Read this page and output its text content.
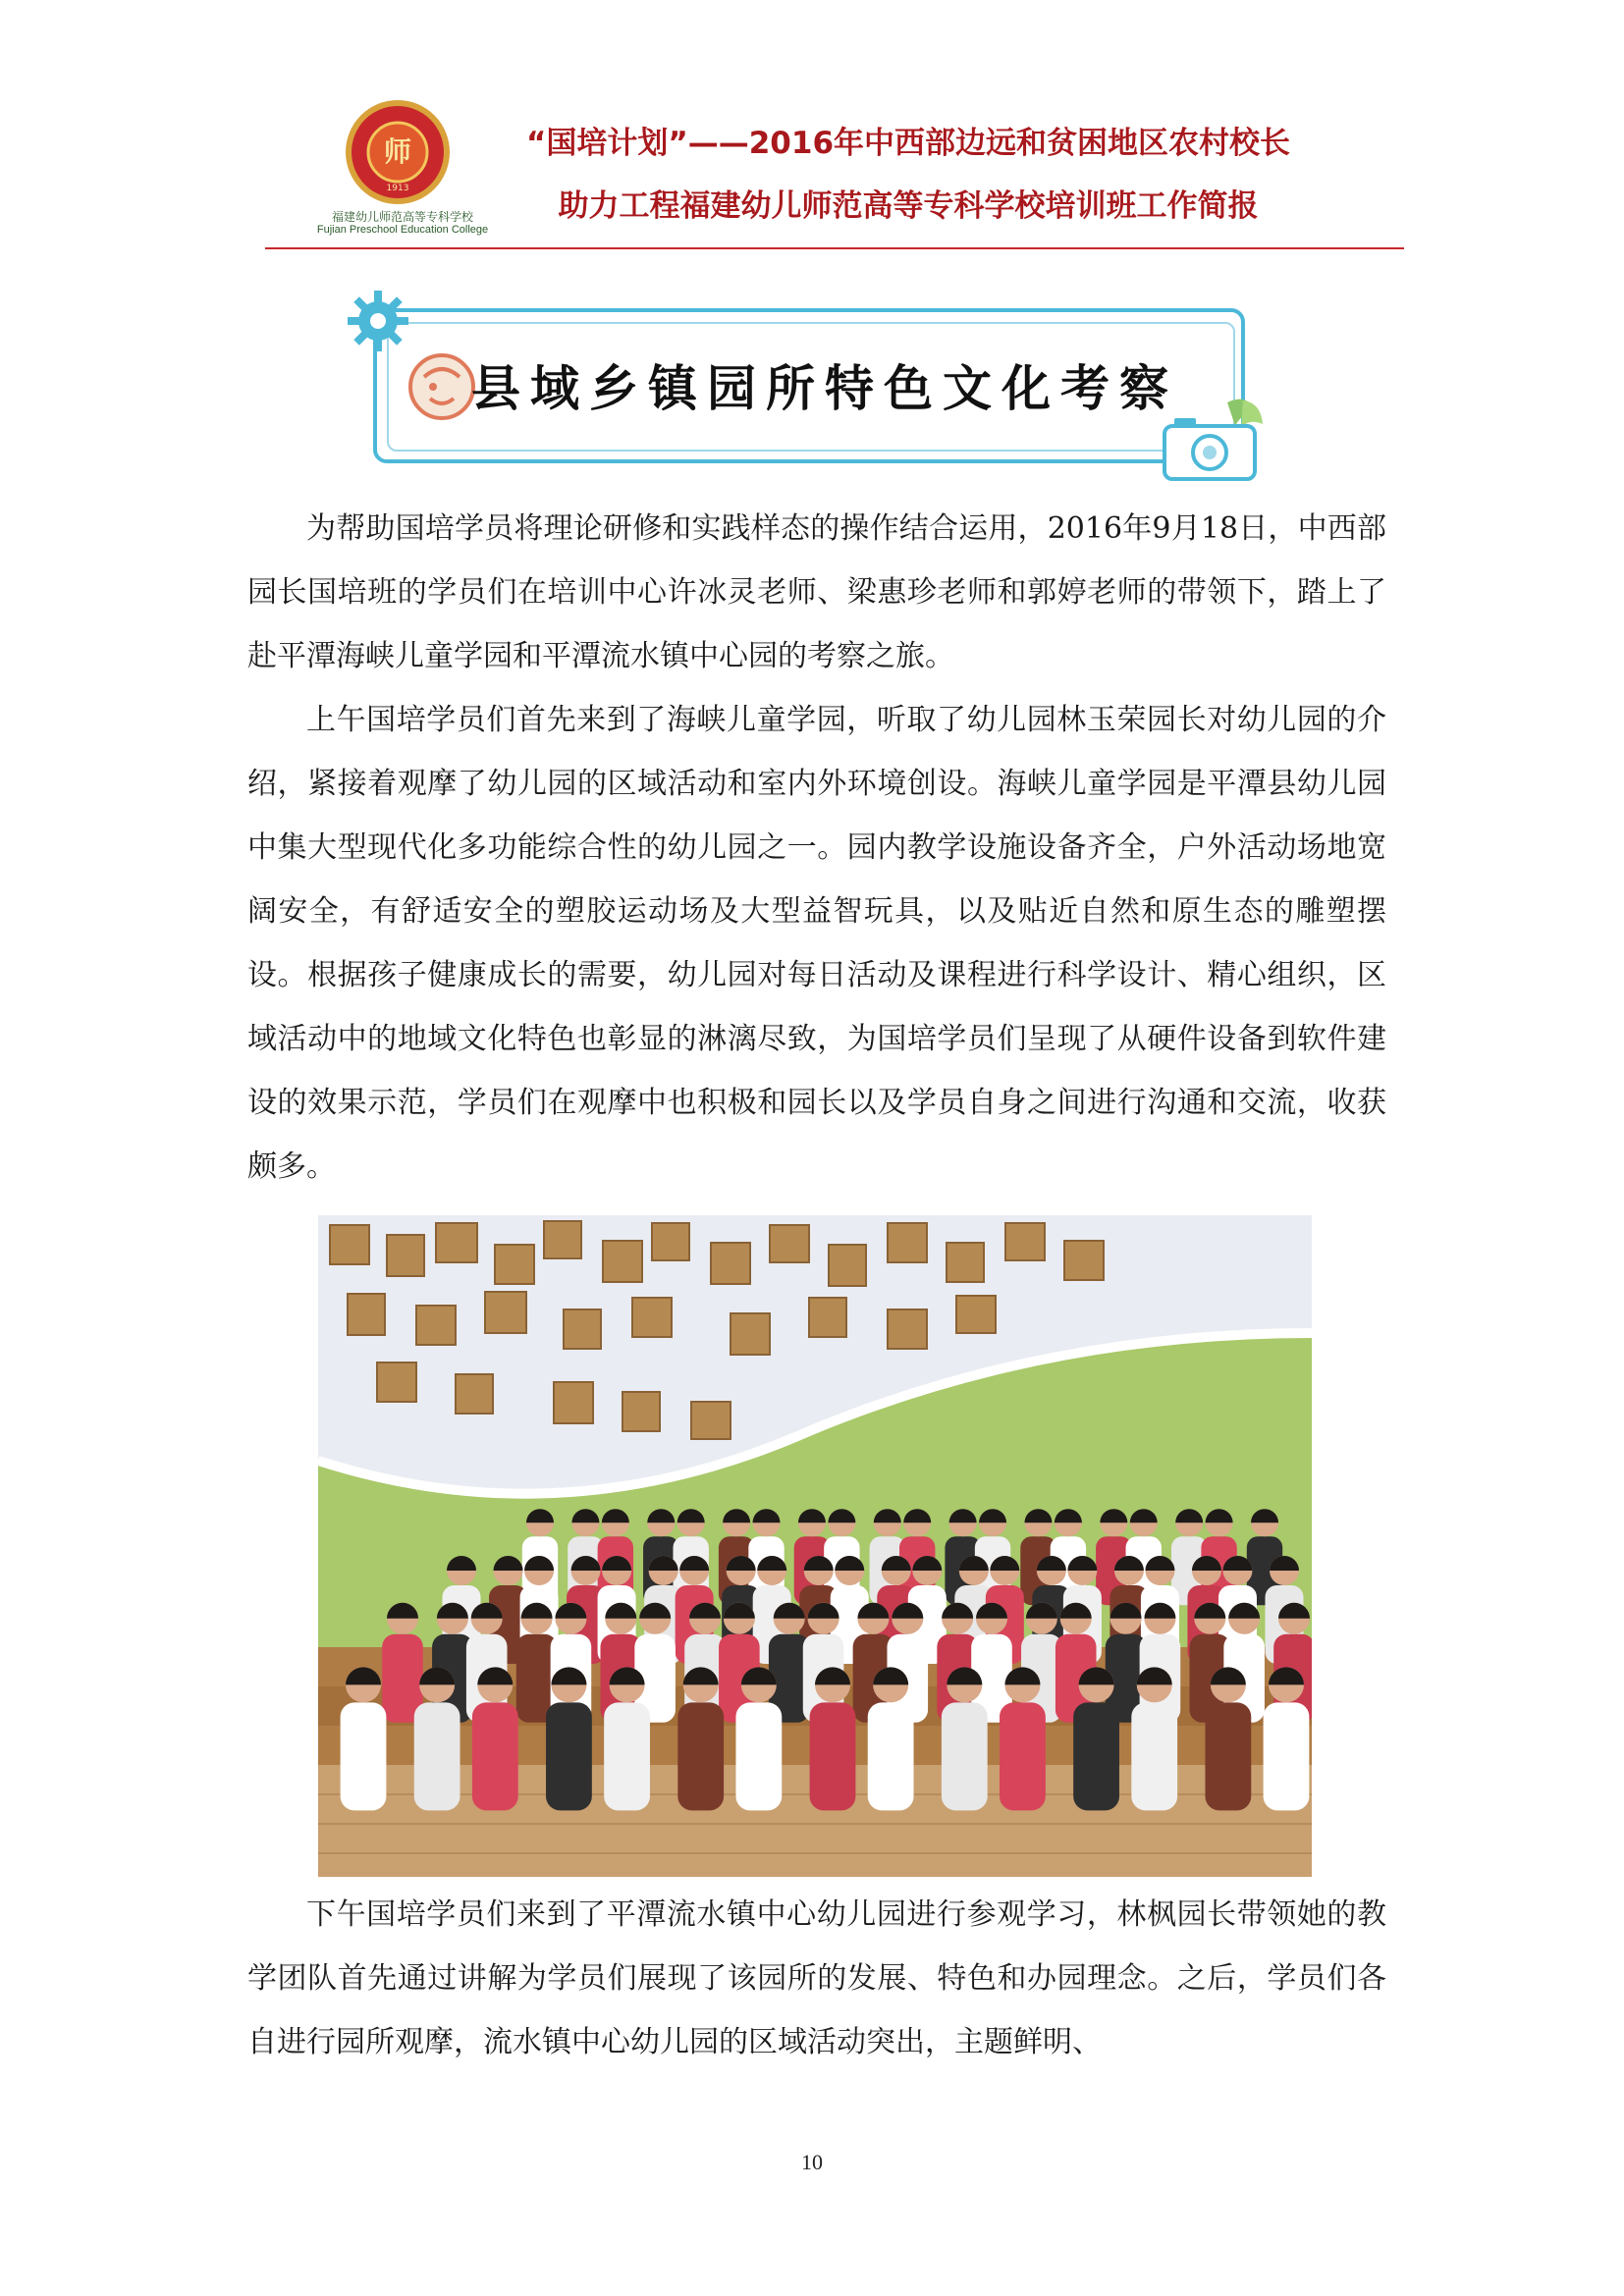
师
1913
福建幼儿师范高等专科学校
Fujian Preschool Education College
“国培计划”——2016年中西部边远和贫困地区农村校长
助力工程福建幼儿师范高等专科学校培训班工作简报
县域乡镇园所特色文化考察

为帮助国培学员将理论研修和实践样态的操作结合运用，2016年9月18日，中西部园长国培班的学员们在培训中心许冰灵老师、梁惠珍老师和郭婷老师的带领下，踏上了赴平潭海峡儿童学园和平潭流水镇中心园的考察之旅。

上午国培学员们首先来到了海峡儿童学园，听取了幼儿园林玉荣园长对幼儿园的介绍，紧接着观摩了幼儿园的区域活动和室内外环境创设。海峡儿童学园是平潭县幼儿园中集大型现代化多功能综合性的幼儿园之一。园内教学设施设备齐全，户外活动场地宽阔安全，有舒适安全的塑胶运动场及大型益智玩具，以及贴近自然和原生态的雕塑摆设。根据孩子健康成长的需要，幼儿园对每日活动及课程进行科学设计、精心组织，区域活动中的地域文化特色也彰显的淋漓尽致，为国培学员们呈现了从硬件设备到软件建设的效果示范，学员们在观摩中也积极和园长以及学员自身之间进行沟通和交流，收获颇多。

下午国培学员们来到了平潭流水镇中心幼儿园进行参观学习，林枫园长带领她的教学团队首先通过讲解为学员们展现了该园所的发展、特色和办园理念。之后，学员们各自进行园所观摩，流水镇中心幼儿园的区域活动突出，主题鲜明、

10
